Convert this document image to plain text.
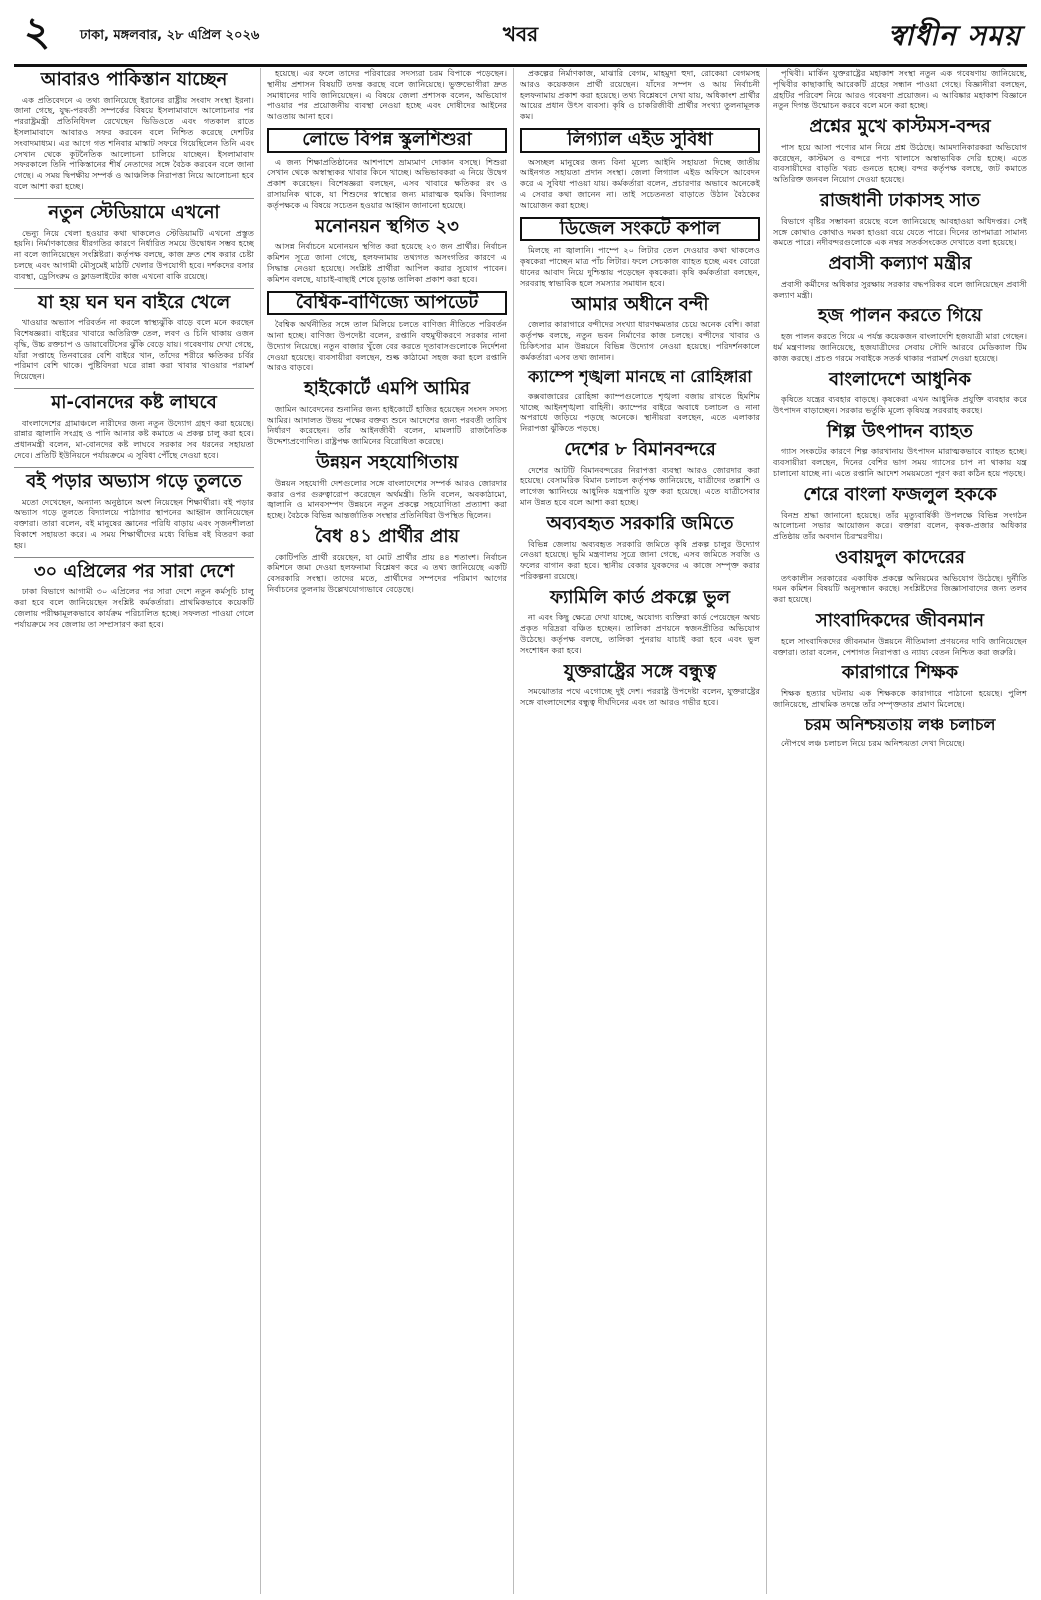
২ ঢাকা, মঙ্গলবার, ২৮ এপ্রিল ২০২৬	খবর	স্বাধীন সময়
আবারও পাকিস্তান যাচ্ছেন

এক প্রতিবেদনে এ তথ্য জানিয়েছে ইরানের রাষ্ট্রীয় সংবাদ সংস্থা ইরনা। জানা গেছে, যুদ্ধ-পরবর্তী সম্পর্কের বিষয়ে ইসলামাবাদে আলোচনার পর পররাষ্ট্রমন্ত্রী প্রতিনিধিদল রেখেছেন ভিডিওতে এবং গতকাল রাতে ইসলামাবাদে আবারও সফর করবেন বলে নিশ্চিত করেছে দেশটির সংবাদমাধ্যম। এর আগে গত শনিবার মাস্কাট সফরে গিয়েছিলেন তিনি এবং সেখান থেকে কূটনৈতিক আলোচনা চালিয়ে যাচ্ছেন। ইসলামাবাদ সফরকালে তিনি পাকিস্তানের শীর্ষ নেতাদের সঙ্গে বৈঠক করবেন বলে জানা গেছে। এ সময় দ্বিপক্ষীয় সম্পর্ক ও আঞ্চলিক নিরাপত্তা নিয়ে আলোচনা হবে বলে আশা করা হচ্ছে।

নতুন স্টেডিয়ামে এখনো

ভেন্যু নিয়ে খেলা হওয়ার কথা থাকলেও স্টেডিয়ামটি এখনো প্রস্তুত হয়নি। নির্মাণকাজের ধীরগতির কারণে নির্ধারিত সময়ে উদ্বোধন সম্ভব হচ্ছে না বলে জানিয়েছেন সংশ্লিষ্টরা। কর্তৃপক্ষ বলছে, কাজ দ্রুত শেষ করার চেষ্টা চলছে এবং আগামী মৌসুমেই মাঠটি খেলার উপযোগী হবে। দর্শকদের বসার ব্যবস্থা, ড্রেসিংরুম ও ফ্লাডলাইটের কাজ এখনো বাকি রয়েছে।

যা হয় ঘন ঘন বাইরে খেলে

খাওয়ার অভ্যাস পরিবর্তন না করলে স্বাস্থ্যঝুঁকি বাড়ে বলে মনে করছেন বিশেষজ্ঞরা। বাইরের খাবারে অতিরিক্ত তেল, লবণ ও চিনি থাকায় ওজন বৃদ্ধি, উচ্চ রক্তচাপ ও ডায়াবেটিসের ঝুঁকি বেড়ে যায়। গবেষণায় দেখা গেছে, যাঁরা সপ্তাহে তিনবারের বেশি বাইরে খান, তাঁদের শরীরে ক্ষতিকর চর্বির পরিমাণ বেশি থাকে। পুষ্টিবিদরা ঘরে রান্না করা খাবার খাওয়ার পরামর্শ দিয়েছেন।

মা-বোনদের কষ্ট লাঘবে

বাংলাদেশের গ্রামাঞ্চলে নারীদের জন্য নতুন উদ্যোগ গ্রহণ করা হয়েছে। রান্নার জ্বালানি সংগ্রহ ও পানি আনার কষ্ট কমাতে এ প্রকল্প চালু করা হবে। প্রধানমন্ত্রী বলেন, মা-বোনদের কষ্ট লাঘবে সরকার সব ধরনের সহায়তা দেবে। প্রতিটি ইউনিয়নে পর্যায়ক্রমে এ সুবিধা পৌঁছে দেওয়া হবে।

বই পড়ার অভ্যাস গড়ে তুলতে

মতো দেখেছেন, অন্যান্য অনুষ্ঠানে অংশ নিয়েছেন শিক্ষার্থীরা। বই পড়ার অভ্যাস গড়ে তুলতে বিদ্যালয়ে পাঠাগার স্থাপনের আহ্বান জানিয়েছেন বক্তারা। তারা বলেন, বই মানুষের জ্ঞানের পরিধি বাড়ায় এবং সৃজনশীলতা বিকাশে সহায়তা করে। এ সময় শিক্ষার্থীদের মধ্যে বিভিন্ন বই বিতরণ করা হয়।

৩০ এপ্রিলের পর সারা দেশে

ঢাকা বিভাগে আগামী ৩০ এপ্রিলের পর সারা দেশে নতুন কর্মসূচি চালু করা হবে বলে জানিয়েছেন সংশ্লিষ্ট কর্মকর্তারা। প্রাথমিকভাবে কয়েকটি জেলায় পরীক্ষামূলকভাবে কার্যক্রম পরিচালিত হচ্ছে। সফলতা পাওয়া গেলে পর্যায়ক্রমে সব জেলায় তা সম্প্রসারণ করা হবে।

হয়েছে। এর ফলে তাদের পরিবারের সদস্যরা চরম বিপাকে পড়েছেন। স্থানীয় প্রশাসন বিষয়টি তদন্ত করছে বলে জানিয়েছে। ভুক্তভোগীরা দ্রুত সমাধানের দাবি জানিয়েছেন। এ বিষয়ে জেলা প্রশাসক বলেন, অভিযোগ পাওয়ার পর প্রয়োজনীয় ব্যবস্থা নেওয়া হচ্ছে এবং দোষীদের আইনের আওতায় আনা হবে।

লোভে বিপন্ন স্কুলশিশুরা

এ জন্য শিক্ষাপ্রতিষ্ঠানের আশপাশে ভ্রাম্যমাণ দোকান বসছে। শিশুরা সেখান থেকে অস্বাস্থ্যকর খাবার কিনে খাচ্ছে। অভিভাবকরা এ নিয়ে উদ্বেগ প্রকাশ করেছেন। বিশেষজ্ঞরা বলছেন, এসব খাবারে ক্ষতিকর রং ও রাসায়নিক থাকে, যা শিশুদের স্বাস্থ্যের জন্য মারাত্মক হুমকি। বিদ্যালয় কর্তৃপক্ষকে এ বিষয়ে সচেতন হওয়ার আহ্বান জানানো হয়েছে।

মনোনয়ন স্থগিত ২৩

আসন্ন নির্বাচনে মনোনয়ন স্থগিত করা হয়েছে ২৩ জন প্রার্থীর। নির্বাচন কমিশন সূত্রে জানা গেছে, হলফনামায় তথ্যগত অসংগতির কারণে এ সিদ্ধান্ত নেওয়া হয়েছে। সংশ্লিষ্ট প্রার্থীরা আপিল করার সুযোগ পাবেন। কমিশন বলছে, যাচাই-বাছাই শেষে চূড়ান্ত তালিকা প্রকাশ করা হবে।

বৈশ্বিক-বাণিজ্যে আপডেট

বৈশ্বিক অর্থনীতির সঙ্গে তাল মিলিয়ে চলতে বাণিজ্য নীতিতে পরিবর্তন আনা হচ্ছে। বাণিজ্য উপদেষ্টা বলেন, রপ্তানি বহুমুখীকরণে সরকার নানা উদ্যোগ নিয়েছে। নতুন বাজার খুঁজে বের করতে দূতাবাসগুলোকে নির্দেশনা দেওয়া হয়েছে। ব্যবসায়ীরা বলছেন, শুল্ক কাঠামো সহজ করা হলে রপ্তানি আরও বাড়বে।

হাইকোর্টে এমপি আমির

জামিন আবেদনের শুনানির জন্য হাইকোর্টে হাজির হয়েছেন সংসদ সদস্য আমির। আদালত উভয় পক্ষের বক্তব্য শুনে আদেশের জন্য পরবর্তী তারিখ নির্ধারণ করেছেন। তাঁর আইনজীবী বলেন, মামলাটি রাজনৈতিক উদ্দেশ্যপ্রণোদিত। রাষ্ট্রপক্ষ জামিনের বিরোধিতা করেছে।

উন্নয়ন সহযোগিতায়

উন্নয়ন সহযোগী দেশগুলোর সঙ্গে বাংলাদেশের সম্পর্ক আরও জোরদার করার ওপর গুরুত্বারোপ করেছেন অর্থমন্ত্রী। তিনি বলেন, অবকাঠামো, জ্বালানি ও মানবসম্পদ উন্নয়নে নতুন প্রকল্পে সহযোগিতা প্রত্যাশা করা হচ্ছে। বৈঠকে বিভিন্ন আন্তর্জাতিক সংস্থার প্রতিনিধিরা উপস্থিত ছিলেন।

বৈধ ৪১ প্রার্থীর প্রায়

কোটিপতি প্রার্থী রয়েছেন, যা মোট প্রার্থীর প্রায় ৪৪ শতাংশ। নির্বাচন কমিশনে জমা দেওয়া হলফনামা বিশ্লেষণ করে এ তথ্য জানিয়েছে একটি বেসরকারি সংস্থা। তাদের মতে, প্রার্থীদের সম্পদের পরিমাণ আগের নির্বাচনের তুলনায় উল্লেখযোগ্যভাবে বেড়েছে।

প্রকল্পের নির্মাণকাজ, মাঝারি বেগম, মাহমুদা হুদা, রোকেয়া বেগমসহ আরও কয়েকজন প্রার্থী রয়েছেন। যাঁদের সম্পদ ও আয় নির্বাচনী হলফনামায় প্রকাশ করা হয়েছে। তথ্য বিশ্লেষণে দেখা যায়, অধিকাংশ প্রার্থীর আয়ের প্রধান উৎস ব্যবসা। কৃষি ও চাকরিজীবী প্রার্থীর সংখ্যা তুলনামূলক কম।

লিগ্যাল এইড সুবিধা

অসচ্ছল মানুষের জন্য বিনা মূল্যে আইনি সহায়তা দিচ্ছে জাতীয় আইনগত সহায়তা প্রদান সংস্থা। জেলা লিগ্যাল এইড অফিসে আবেদন করে এ সুবিধা পাওয়া যায়। কর্মকর্তারা বলেন, প্রচারণার অভাবে অনেকেই এ সেবার কথা জানেন না। তাই সচেতনতা বাড়াতে উঠান বৈঠকের আয়োজন করা হচ্ছে।

ডিজেল সংকটে কপাল

মিলছে না জ্বালানি। পাম্পে ২০ লিটার তেল দেওয়ার কথা থাকলেও কৃষকেরা পাচ্ছেন মাত্র পাঁচ লিটার। ফলে সেচকাজ ব্যাহত হচ্ছে এবং বোরো ধানের আবাদ নিয়ে দুশ্চিন্তায় পড়েছেন কৃষকেরা। কৃষি কর্মকর্তারা বলছেন, সরবরাহ স্বাভাবিক হলে সমস্যার সমাধান হবে।

আমার অধীনে বন্দী

জেলার কারাগারে বন্দীদের সংখ্যা ধারণক্ষমতার চেয়ে অনেক বেশি। কারা কর্তৃপক্ষ বলছে, নতুন ভবন নির্মাণের কাজ চলছে। বন্দীদের খাবার ও চিকিৎসার মান উন্নয়নে বিভিন্ন উদ্যোগ নেওয়া হয়েছে। পরিদর্শনকালে কর্মকর্তারা এসব তথ্য জানান।

ক্যাম্পে শৃঙ্খলা মানছে না রোহিঙ্গারা

কক্সবাজারের রোহিঙ্গা ক্যাম্পগুলোতে শৃঙ্খলা বজায় রাখতে হিমশিম খাচ্ছে আইনশৃঙ্খলা বাহিনী। ক্যাম্পের বাইরে অবাধে চলাচল ও নানা অপরাধে জড়িয়ে পড়ছে অনেকে। স্থানীয়রা বলছেন, এতে এলাকার নিরাপত্তা ঝুঁকিতে পড়ছে।

দেশের ৮ বিমানবন্দরে

দেশের আটটি বিমানবন্দরের নিরাপত্তা ব্যবস্থা আরও জোরদার করা হয়েছে। বেসামরিক বিমান চলাচল কর্তৃপক্ষ জানিয়েছে, যাত্রীদের তল্লাশি ও লাগেজ স্ক্যানিংয়ে আধুনিক যন্ত্রপাতি যুক্ত করা হয়েছে। এতে যাত্রীসেবার মান উন্নত হবে বলে আশা করা হচ্ছে।

অব্যবহৃত সরকারি জমিতে

বিভিন্ন জেলায় অব্যবহৃত সরকারি জমিতে কৃষি প্রকল্প চালুর উদ্যোগ নেওয়া হয়েছে। ভূমি মন্ত্রণালয় সূত্রে জানা গেছে, এসব জমিতে সবজি ও ফলের বাগান করা হবে। স্থানীয় বেকার যুবকদের এ কাজে সম্পৃক্ত করার পরিকল্পনা রয়েছে।

ফ্যামিলি কার্ড প্রকল্পে ভুল

না এবং কিছু ক্ষেত্রে দেখা যাচ্ছে, অযোগ্য ব্যক্তিরা কার্ড পেয়েছেন অথচ প্রকৃত দরিদ্ররা বঞ্চিত হচ্ছেন। তালিকা প্রণয়নে স্বজনপ্রীতির অভিযোগ উঠেছে। কর্তৃপক্ষ বলছে, তালিকা পুনরায় যাচাই করা হবে এবং ভুল সংশোধন করা হবে।

যুক্তরাষ্ট্রের সঙ্গে বন্ধুত্ব

সমঝোতার পথে এগোচ্ছে দুই দেশ। পররাষ্ট্র উপদেষ্টা বলেন, যুক্তরাষ্ট্রের সঙ্গে বাংলাদেশের বন্ধুত্ব দীর্ঘদিনের এবং তা আরও গভীর হবে।

পৃথিবী। মার্কিন যুক্তরাষ্ট্রের মহাকাশ সংস্থা নতুন এক গবেষণায় জানিয়েছে, পৃথিবীর কাছাকাছি আরেকটি গ্রহের সন্ধান পাওয়া গেছে। বিজ্ঞানীরা বলছেন, গ্রহটির পরিবেশ নিয়ে আরও গবেষণা প্রয়োজন। এ আবিষ্কার মহাকাশ বিজ্ঞানে নতুন দিগন্ত উন্মোচন করবে বলে মনে করা হচ্ছে।

প্রশ্নের মুখে কাস্টমস-বন্দর

পাস হয়ে আসা পণ্যের মান নিয়ে প্রশ্ন উঠেছে। আমদানিকারকরা অভিযোগ করেছেন, কাস্টমস ও বন্দরে পণ্য খালাসে অস্বাভাবিক দেরি হচ্ছে। এতে ব্যবসায়ীদের বাড়তি খরচ গুনতে হচ্ছে। বন্দর কর্তৃপক্ষ বলছে, জট কমাতে অতিরিক্ত জনবল নিয়োগ দেওয়া হয়েছে।

রাজধানী ঢাকাসহ সাত

বিভাগে বৃষ্টির সম্ভাবনা রয়েছে বলে জানিয়েছে আবহাওয়া অধিদপ্তর। সেই সঙ্গে কোথাও কোথাও দমকা হাওয়া বয়ে যেতে পারে। দিনের তাপমাত্রা সামান্য কমতে পারে। নদীবন্দরগুলোকে এক নম্বর সতর্কসংকেত দেখাতে বলা হয়েছে।

প্রবাসী কল্যাণ মন্ত্রীর

প্রবাসী কর্মীদের অধিকার সুরক্ষায় সরকার বদ্ধপরিকর বলে জানিয়েছেন প্রবাসী কল্যাণ মন্ত্রী।

হজ পালন করতে গিয়ে

হজ পালন করতে গিয়ে এ পর্যন্ত কয়েকজন বাংলাদেশি হজযাত্রী মারা গেছেন। ধর্ম মন্ত্রণালয় জানিয়েছে, হজযাত্রীদের সেবায় সৌদি আরবে মেডিক্যাল টিম কাজ করছে। প্রচণ্ড গরমে সবাইকে সতর্ক থাকার পরামর্শ দেওয়া হয়েছে।

বাংলাদেশে আধুনিক

কৃষিতে যন্ত্রের ব্যবহার বাড়ছে। কৃষকেরা এখন আধুনিক প্রযুক্তি ব্যবহার করে উৎপাদন বাড়াচ্ছেন। সরকার ভর্তুকি মূল্যে কৃষিযন্ত্র সরবরাহ করছে।

শিল্প উৎপাদন ব্যাহত

গ্যাস সংকটের কারণে শিল্প কারখানায় উৎপাদন মারাত্মকভাবে ব্যাহত হচ্ছে। ব্যবসায়ীরা বলছেন, দিনের বেশির ভাগ সময় গ্যাসের চাপ না থাকায় যন্ত্র চালানো যাচ্ছে না। এতে রপ্তানি আদেশ সময়মতো পূরণ করা কঠিন হয়ে পড়ছে।

শেরে বাংলা ফজলুল হককে

বিনম্র শ্রদ্ধা জানানো হয়েছে। তাঁর মৃত্যুবার্ষিকী উপলক্ষে বিভিন্ন সংগঠন আলোচনা সভার আয়োজন করে। বক্তারা বলেন, কৃষক-প্রজার অধিকার প্রতিষ্ঠায় তাঁর অবদান চিরস্মরণীয়।

ওবায়দুল কাদেরের

তৎকালীন সরকারের একাধিক প্রকল্পে অনিয়মের অভিযোগ উঠেছে। দুর্নীতি দমন কমিশন বিষয়টি অনুসন্ধান করছে। সংশ্লিষ্টদের জিজ্ঞাসাবাদের জন্য তলব করা হয়েছে।

সাংবাদিকদের জীবনমান

হলে সাংবাদিকদের জীবনমান উন্নয়নে নীতিমালা প্রণয়নের দাবি জানিয়েছেন বক্তারা। তারা বলেন, পেশাগত নিরাপত্তা ও ন্যায্য বেতন নিশ্চিত করা জরুরি।

কারাগারে শিক্ষক

শিক্ষক হত্যার ঘটনায় এক শিক্ষককে কারাগারে পাঠানো হয়েছে। পুলিশ জানিয়েছে, প্রাথমিক তদন্তে তাঁর সম্পৃক্ততার প্রমাণ মিলেছে।

চরম অনিশ্চয়তায় লঞ্চ চলাচল

নৌপথে লঞ্চ চলাচল নিয়ে চরম অনিশ্চয়তা দেখা দিয়েছে।
